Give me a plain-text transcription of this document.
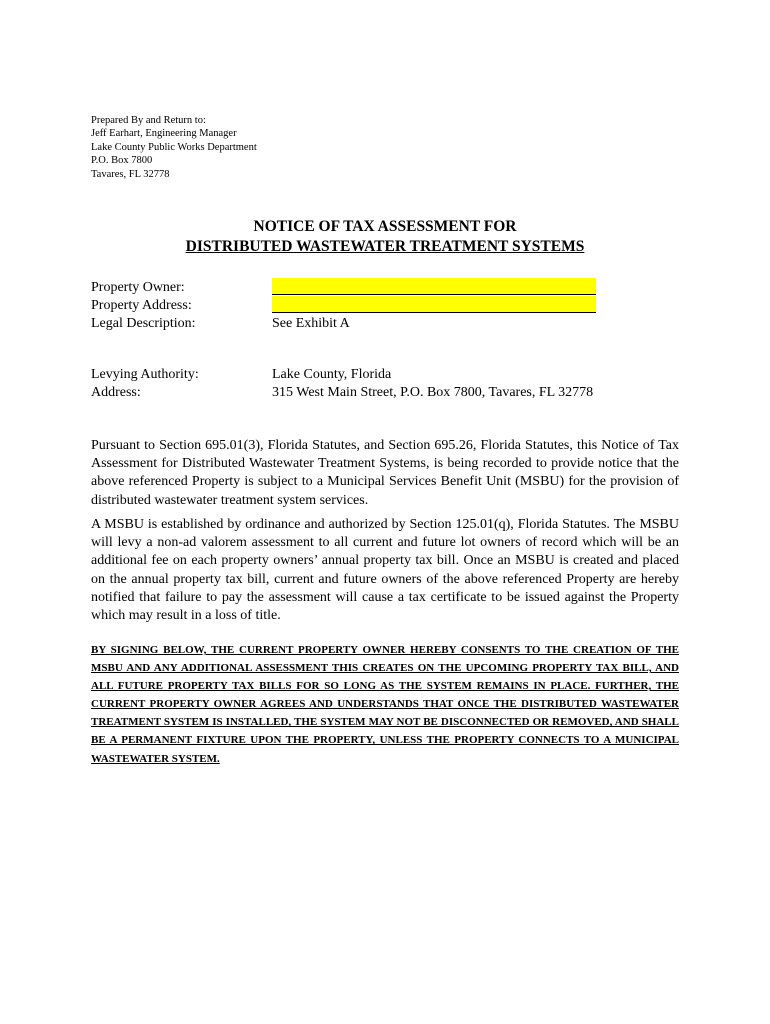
Prepared By and Return to:
Jeff Earhart, Engineering Manager
Lake County Public Works Department
P.O. Box 7800
Tavares, FL 32778
NOTICE OF TAX ASSESSMENT FOR
DISTRIBUTED WASTEWATER TREATMENT SYSTEMS
Property Owner:
Property Address:
Legal Description:	See Exhibit A
Levying Authority:	Lake County, Florida
Address:	315 West Main Street, P.O. Box 7800, Tavares, FL 32778

Pursuant to Section 695.01(3), Florida Statutes, and Section 695.26, Florida Statutes, this Notice of Tax Assessment for Distributed Wastewater Treatment Systems, is being recorded to provide notice that the above referenced Property is subject to a Municipal Services Benefit Unit (MSBU) for the provision of distributed wastewater treatment system services.

A MSBU is established by ordinance and authorized by Section 125.01(q), Florida Statutes. The MSBU will levy a non-ad valorem assessment to all current and future lot owners of record which will be an additional fee on each property owners’ annual property tax bill. Once an MSBU is created and placed on the annual property tax bill, current and future owners of the above referenced Property are hereby notified that failure to pay the assessment will cause a tax certificate to be issued against the Property which may result in a loss of title.

BY SIGNING BELOW, THE CURRENT PROPERTY OWNER HEREBY CONSENTS TO THE CREATION OF THE MSBU AND ANY ADDITIONAL ASSESSMENT THIS CREATES ON THE UPCOMING PROPERTY TAX BILL, AND ALL FUTURE PROPERTY TAX BILLS FOR SO LONG AS THE SYSTEM REMAINS IN PLACE. FURTHER, THE CURRENT PROPERTY OWNER AGREES AND UNDERSTANDS THAT ONCE THE DISTRIBUTED WASTEWATER TREATMENT SYSTEM IS INSTALLED, THE SYSTEM MAY NOT BE DISCONNECTED OR REMOVED, AND SHALL BE A PERMANENT FIXTURE UPON THE PROPERTY, UNLESS THE PROPERTY CONNECTS TO A MUNICIPAL WASTEWATER SYSTEM.
